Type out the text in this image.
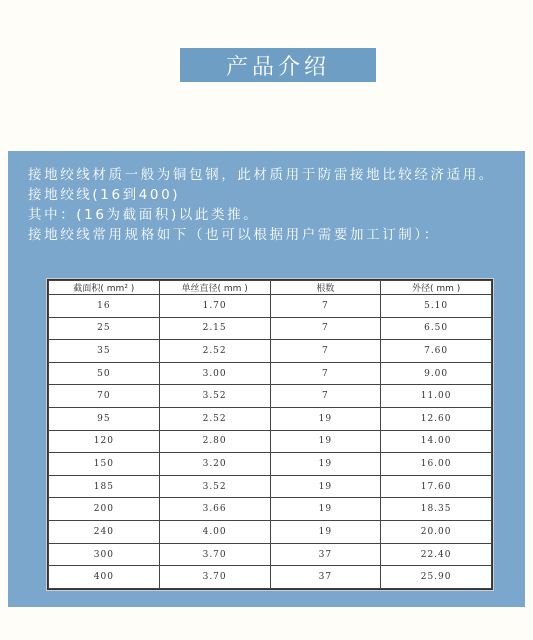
产品介绍

接地绞线材质一般为铜包钢，此材质用于防雷接地比较经济适用。

接地绞线(16到400)

其中：(16为截面积)以此类推。

接地绞线常用规格如下（也可以根据用户需要加工订制）：

截面积( mm² )	单丝直径( mm )	根数	外径( mm )
16	1.70	7	5.10
25	2.15	7	6.50
35	2.52	7	7.60
50	3.00	7	9.00
70	3.52	7	11.00
95	2.52	19	12.60
120	2.80	19	14.00
150	3.20	19	16.00
185	3.52	19	17.60
200	3.66	19	18.35
240	4.00	19	20.00
300	3.70	37	22.40
400	3.70	37	25.90
